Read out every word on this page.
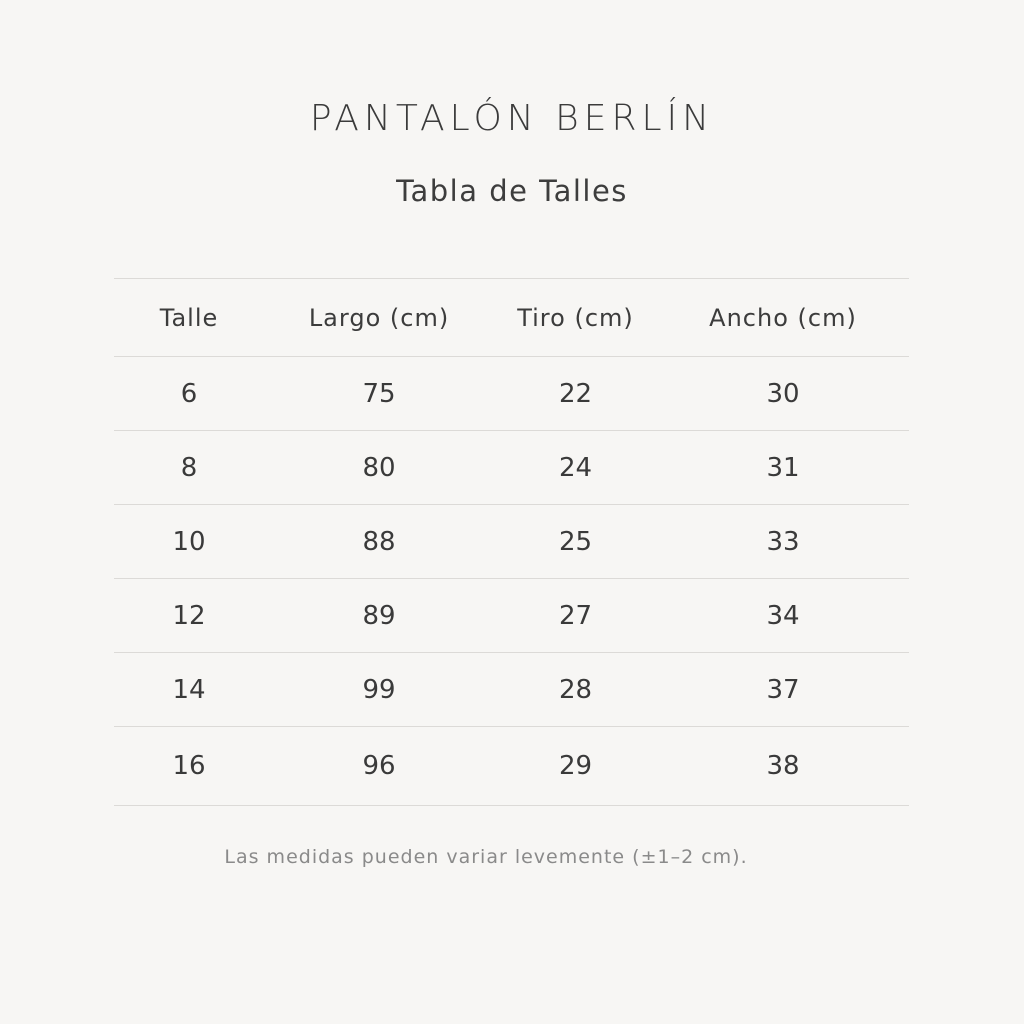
PANTALÓN BERLÍN
Tabla de Talles
Talle	Largo (cm)	Tiro (cm)	Ancho (cm)
6	75	22	30
8	80	24	31
10	88	25	33
12	89	27	34
14	99	28	37
16	96	29	38
Las medidas pueden variar levemente (±1–2 cm).
